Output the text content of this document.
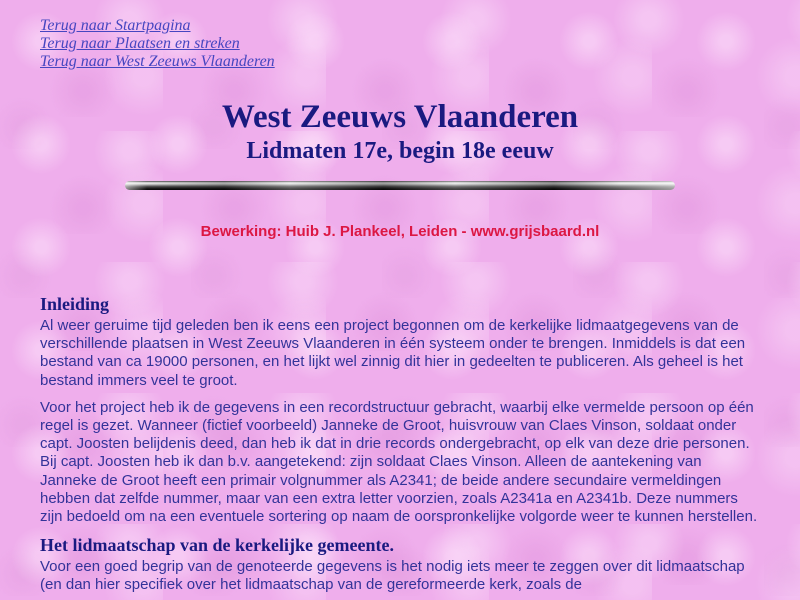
Terug naar Startpagina
Terug naar Plaatsen en streken
Terug naar West Zeeuws Vlaanderen
West Zeeuws Vlaanderen
Lidmaten 17e, begin 18e eeuw
Bewerking: Huib J. Plankeel, Leiden - www.grijsbaard.nl
Inleiding

Al weer geruime tijd geleden ben ik eens een project begonnen om de kerkelijke lidmaatgegevens van de verschillende plaatsen in West Zeeuws Vlaanderen in één systeem onder te brengen. Inmiddels is dat een bestand van ca 19000 personen, en het lijkt wel zinnig dit hier in gedeelten te publiceren. Als geheel is het bestand immers veel te groot.

Voor het project heb ik de gegevens in een recordstructuur gebracht, waarbij elke vermelde persoon op één regel is gezet. Wanneer (fictief voorbeeld) Janneke de Groot, huisvrouw van Claes Vinson, soldaat onder capt. Joosten belijdenis deed, dan heb ik dat in drie records ondergebracht, op elk van deze drie personen. Bij capt. Joosten heb ik dan b.v. aangetekend: zijn soldaat Claes Vinson. Alleen de aantekening van Janneke de Groot heeft een primair volgnummer als A2341; de beide andere secundaire vermeldingen hebben dat zelfde nummer, maar van een extra letter voorzien, zoals A2341a en A2341b. Deze nummers zijn bedoeld om na een eventuele sortering op naam de oorspronkelijke volgorde weer te kunnen herstellen.

Het lidmaatschap van de kerkelijke gemeente.

Voor een goed begrip van de genoteerde gegevens is het nodig iets meer te zeggen over dit lidmaatschap (en dan hier specifiek over het lidmaatschap van de gereformeerde kerk, zoals de
